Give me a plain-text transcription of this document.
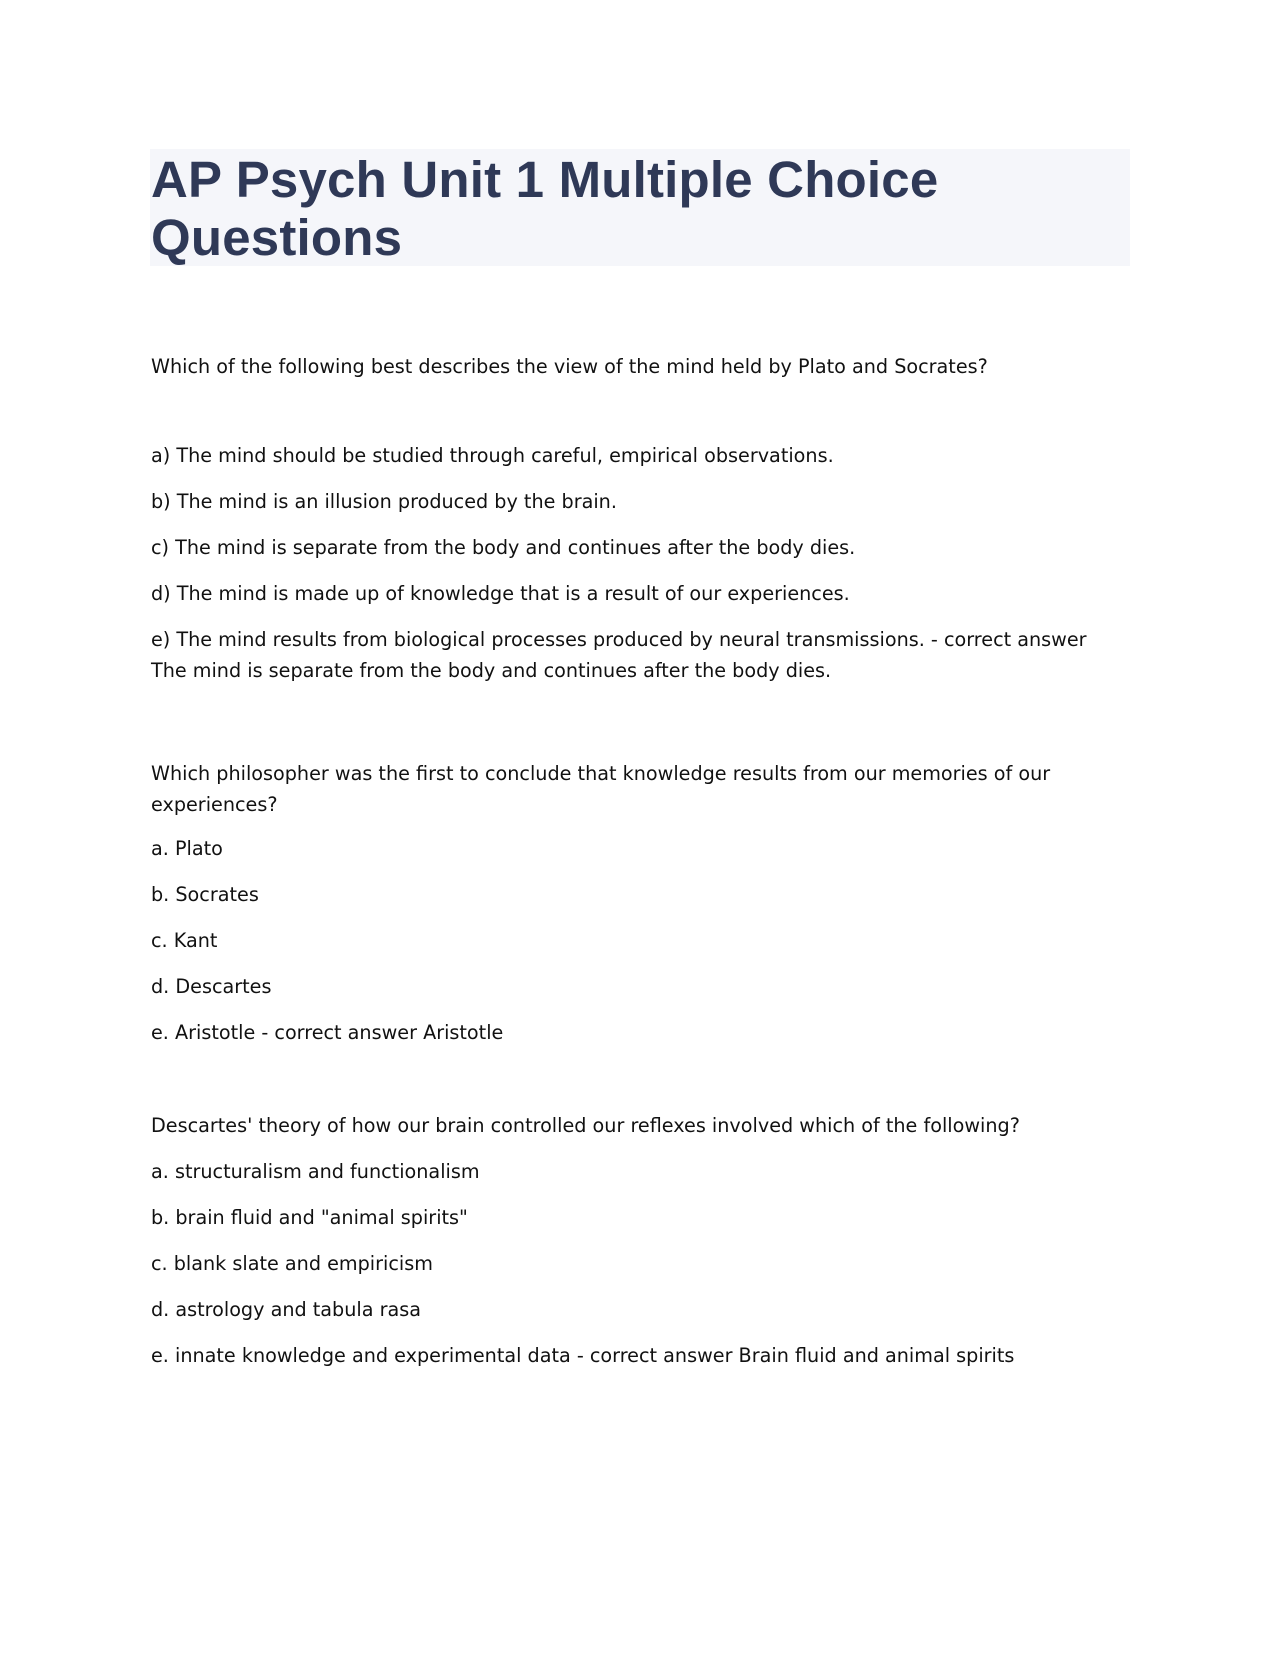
AP Psych Unit 1 Multiple Choice Questions

Which of the following best describes the view of the mind held by Plato and Socrates?

a) The mind should be studied through careful, empirical observations.

b) The mind is an illusion produced by the brain.

c) The mind is separate from the body and continues after the body dies.

d) The mind is made up of knowledge that is a result of our experiences.

e) The mind results from biological processes produced by neural transmissions. - correct answer The mind is separate from the body and continues after the body dies.

Which philosopher was the first to conclude that knowledge results from our memories of our experiences?

a. Plato

b. Socrates

c. Kant

d. Descartes

e. Aristotle - correct answer Aristotle

Descartes' theory of how our brain controlled our reflexes involved which of the following?

a. structuralism and functionalism

b. brain fluid and "animal spirits"

c. blank slate and empiricism

d. astrology and tabula rasa

e. innate knowledge and experimental data - correct answer Brain fluid and animal spirits
